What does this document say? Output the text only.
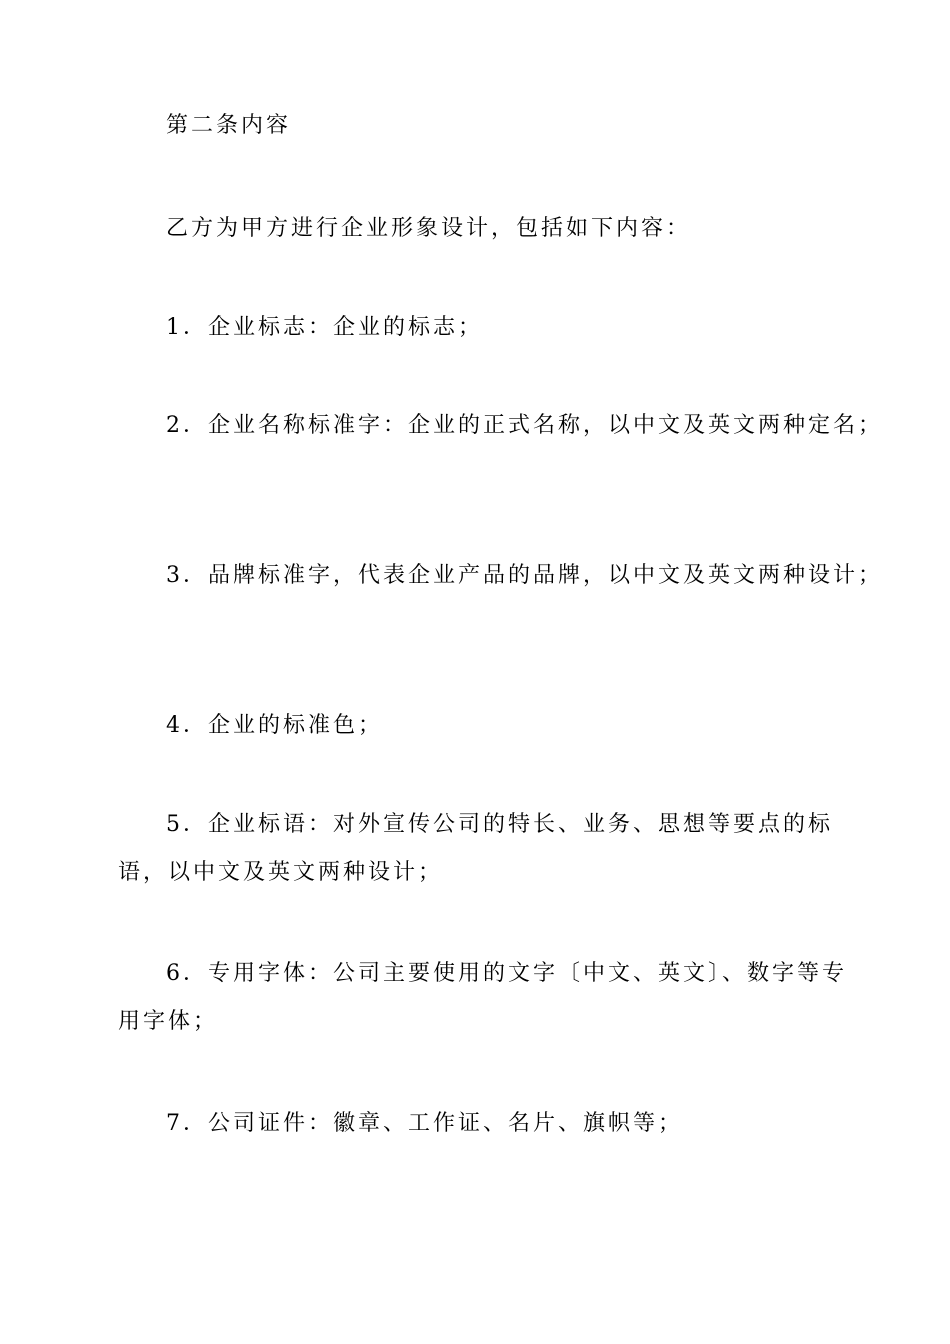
第二条内容
乙方为甲方进行企业形象设计，包括如下内容：
1．企业标志：企业的标志；
2．企业名称标准字：企业的正式名称，以中文及英文两种定名；
3．品牌标准字，代表企业产品的品牌，以中文及英文两种设计；
4．企业的标准色；
5．企业标语：对外宣传公司的特长、业务、思想等要点的标语，以中文及英文两种设计；
6．专用字体：公司主要使用的文字〔中文、英文〕、数字等专用字体；
7．公司证件：徽章、工作证、名片、旗帜等；
